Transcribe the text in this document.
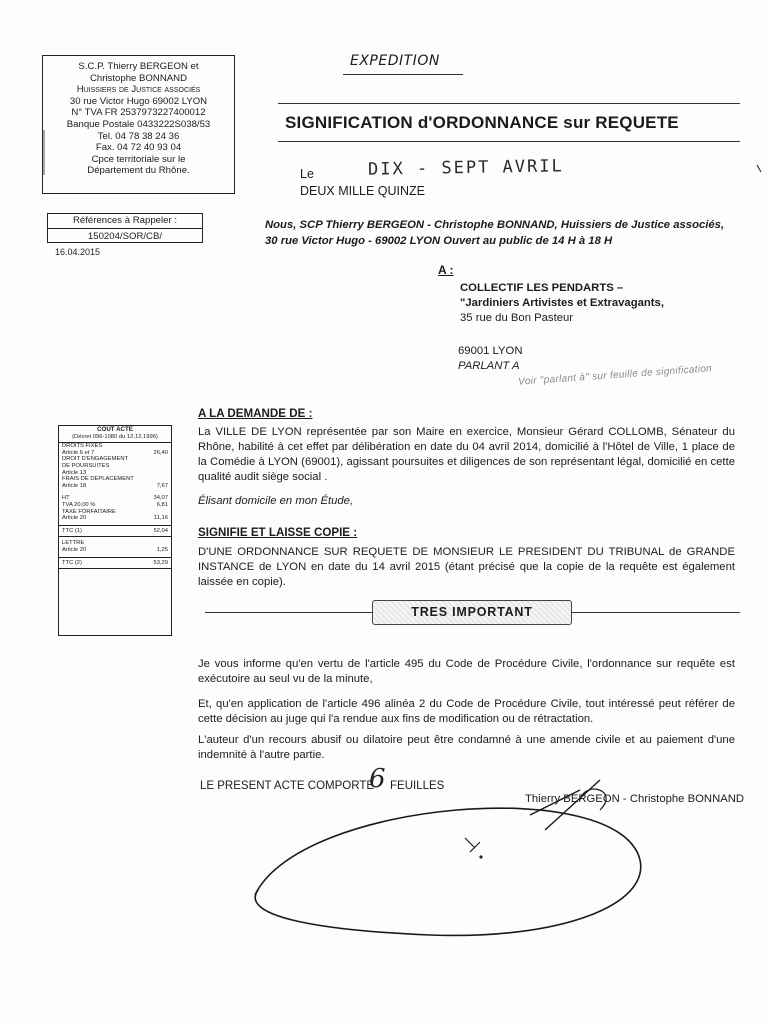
S.C.P. Thierry BERGEON et
Christophe BONNAND
Huissiers de Justice associés
30 rue Victor Hugo 69002 LYON
N° TVA FR 2537973227400012
Banque Postale 0433222S038/53
Tel. 04 78 38 24 36
Fax. 04 72 40 93 04
Cpce territoriale sur le
Département du Rhône.
Références à Rappeler :
150204/SOR/CB/
16.04.2015
EXPEDITION
SIGNIFICATION d'ORDONNANCE sur REQUETE
Le	DIX - SEPT AVRIL
DEUX MILLE QUINZE
Nous, SCP Thierry BERGEON - Christophe BONNAND, Huissiers de Justice associés, 30 rue Victor Hugo - 69002 LYON Ouvert au public de 14 H à 18 H
A :
COLLECTIF LES PENDARTS –
"Jardiniers Artivistes et Extravagants,
35 rue du Bon Pasteur
69001 LYON
PARLANT A
Voir "parlant à" sur feuille de signification
COUT ACTE
(Décret 096-1080 du 12.12.1996)
DROITS FIXES
Article 6 et 7	26,40
DROIT D'ENGAGEMENT
DE POURSUITES
Article 13
FRAIS DE DEPLACEMENT
Article 18	7,67
HT	34,07
TVA 20,00 %	6,81
TAXE FORFAITAIRE
Article 20	11,16
TTC (1)	52,04
LETTRE
Article 20	1,25
TTC (2)	53,29
A LA DEMANDE DE :
La VILLE DE LYON représentée par son Maire en exercice, Monsieur Gérard COLLOMB, Sénateur du Rhône, habilité à cet effet par délibération en date du 04 avril 2014, domicilié à l'Hôtel de Ville, 1 place de la Comédie à LYON (69001), agissant poursuites et diligences de son représentant légal, domicilié en cette qualité audit siège social .
Élisant domicile en mon Étude,
SIGNIFIE ET LAISSE COPIE :
D'UNE ORDONNANCE SUR REQUETE DE MONSIEUR LE PRESIDENT DU TRIBUNAL de GRANDE INSTANCE de LYON en date du 14 avril 2015 (étant précisé que la copie de la requête est également laissée en copie).
TRES IMPORTANT
Je vous informe qu'en vertu de l'article 495 du Code de Procédure Civile, l'ordonnance sur requête est exécutoire au seul vu de la minute,
Et, qu'en application de l'article 496 alinéa 2 du Code de Procédure Civile, tout intéressé peut référer de cette décision au juge qui l'a rendue aux fins de modification ou de rétractation.
L'auteur d'un recours abusif ou dilatoire peut être condamné à une amende civile et au paiement d'une indemnité à l'autre partie.
LE PRESENT ACTE COMPORTE
6 FEUILLES
Thierry BERGEON - Christophe BONNAND
